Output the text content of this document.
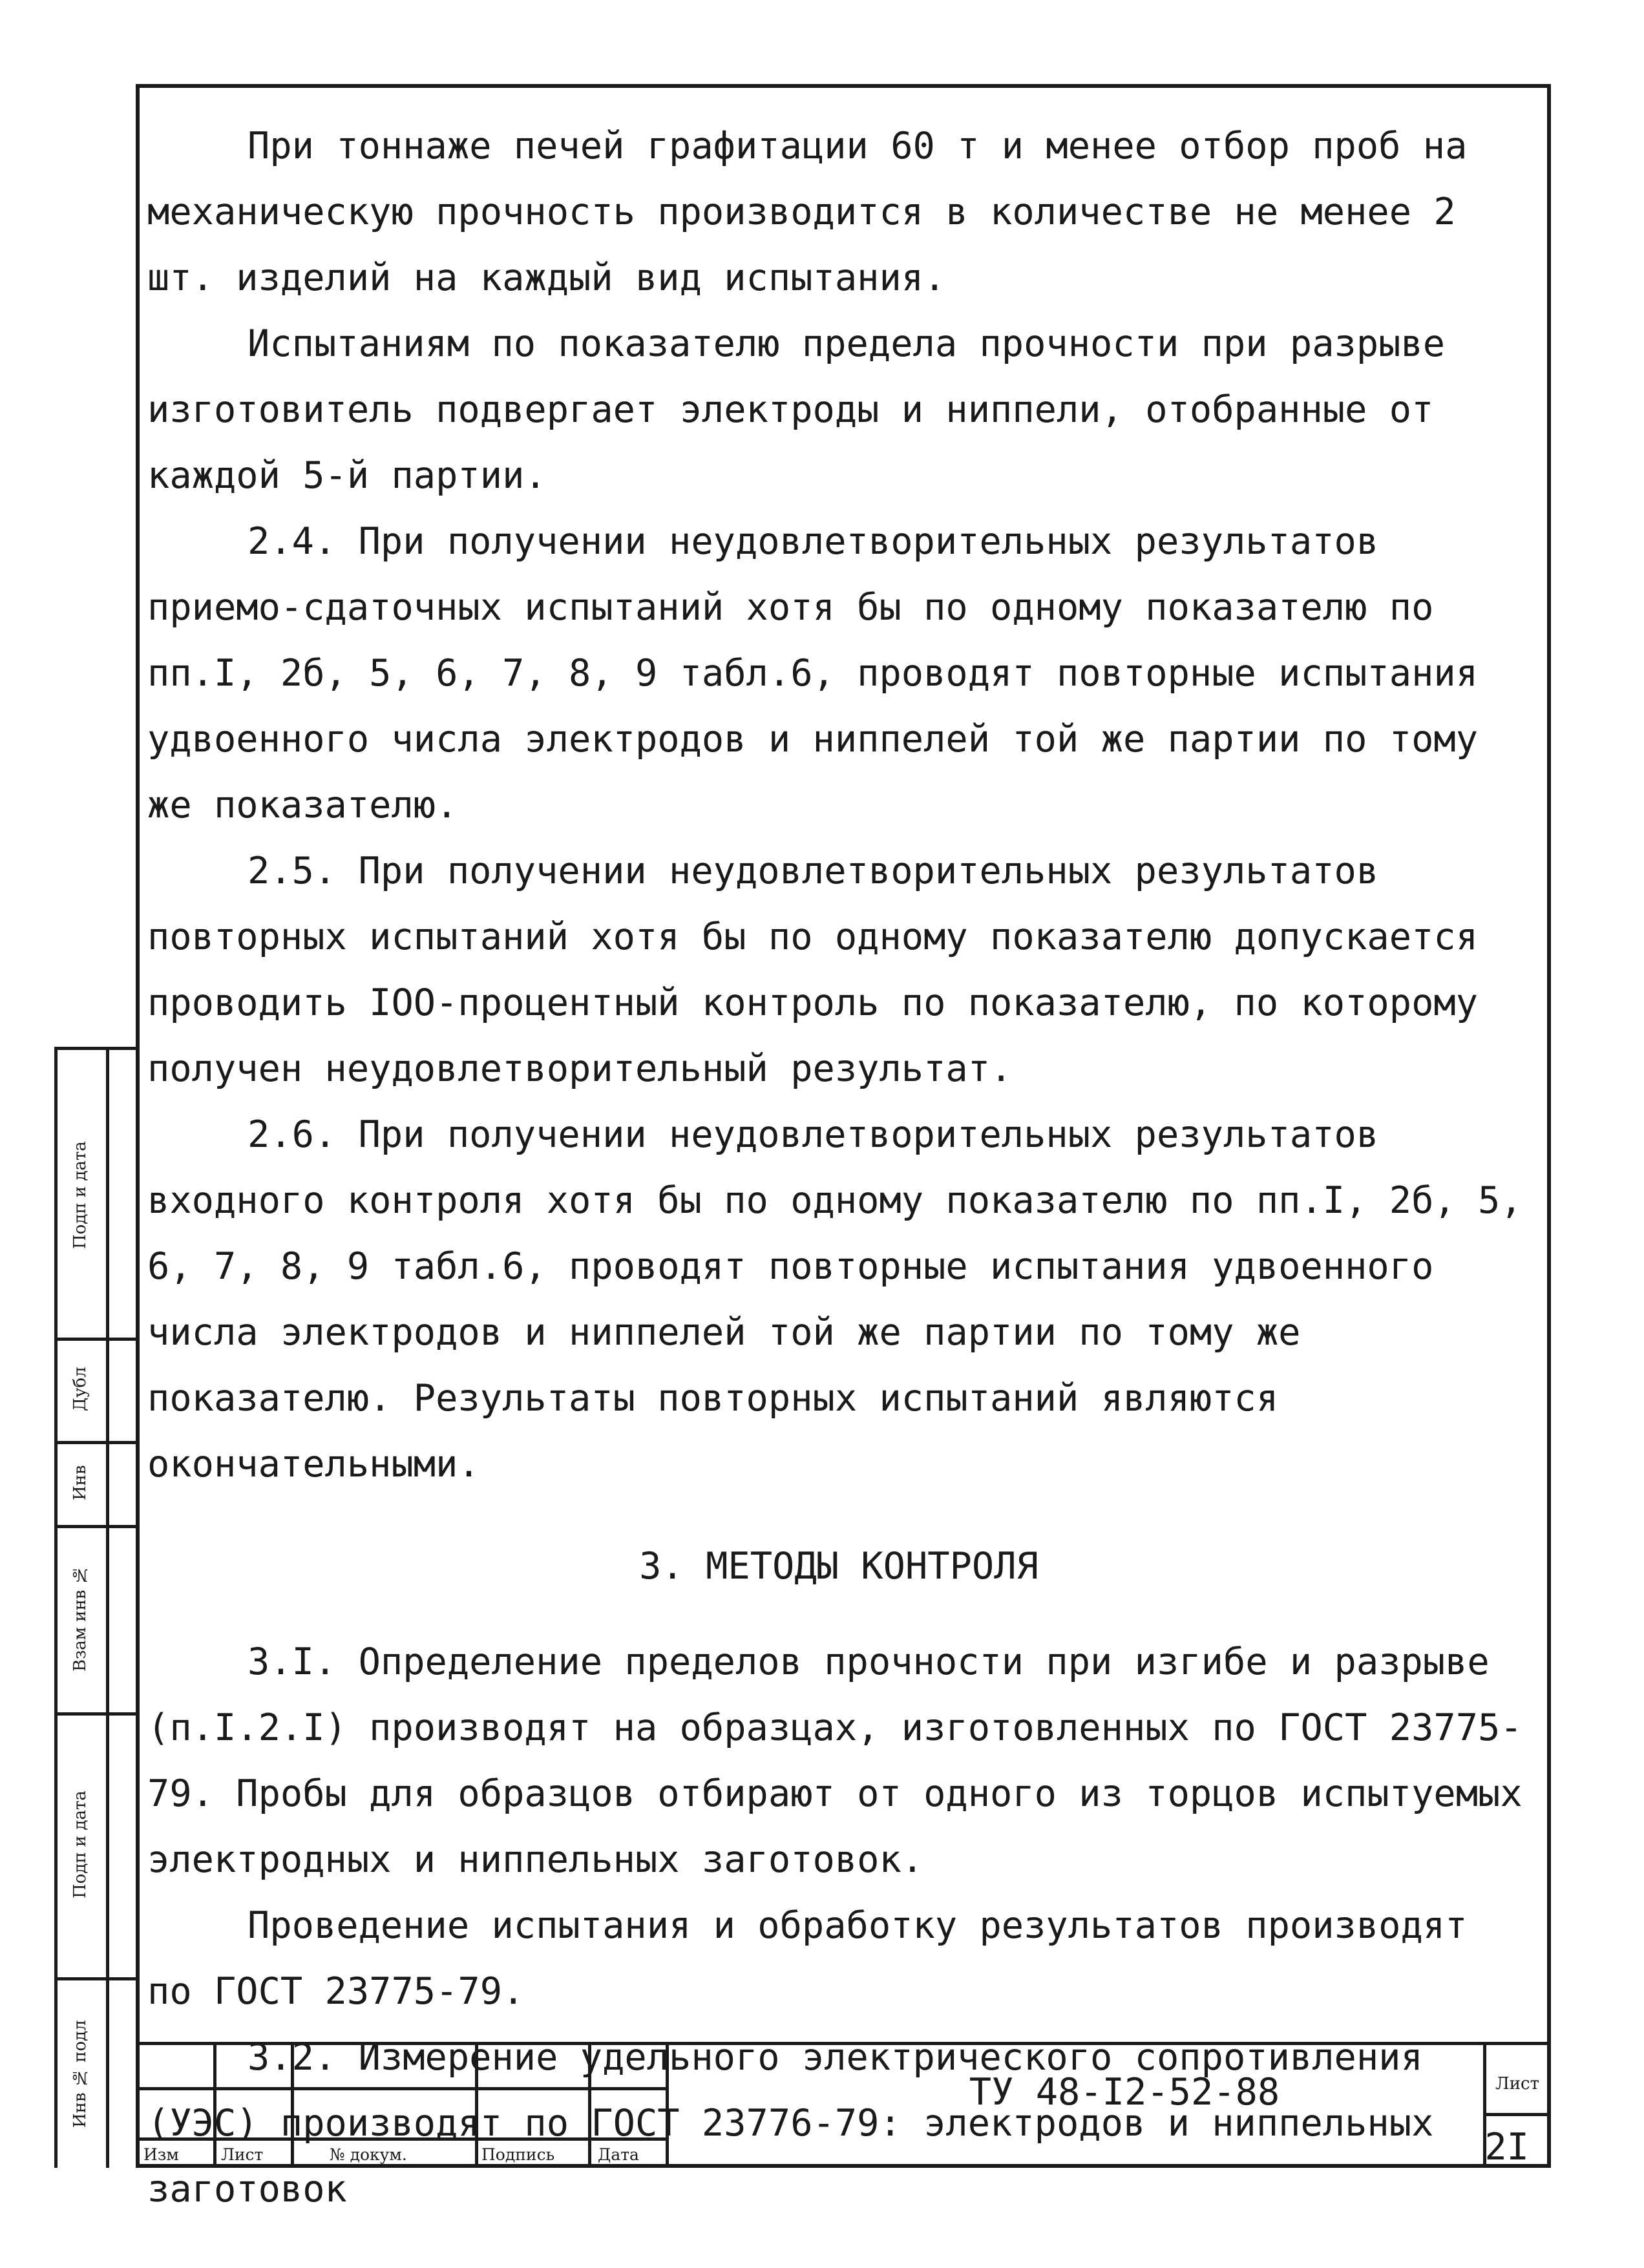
При тоннаже печей графитации 60 т и менее отбор проб на механическую прочность производится в количестве не менее 2 шт. изделий на каждый вид испытания.

Испытаниям по показателю предела прочности при разрыве изготовитель подвергает электроды и ниппели, отобранные от каждой 5-й партии.

2.4. При получении неудовлетворительных результатов приемо-сдаточных испытаний хотя бы по одному показателю по пп.I, 2б, 5, 6, 7, 8, 9 табл.6, проводят повторные испытания удвоенного числа электродов и ниппелей той же партии по тому же показателю.

2.5. При получении неудовлетворительных результатов повторных испытаний хотя бы по одному показателю допускается проводить IOO-процентный контроль по показателю, по которому получен неудовлетворительный результат.

2.6. При получении неудовлетворительных результатов входного контроля хотя бы по одному показателю по пп.I, 2б, 5, 6, 7, 8, 9 табл.6, проводят повторные испытания удвоенного числа электродов и ниппелей той же партии по тому же показателю. Результаты повторных испытаний являются окончательными.

3. МЕТОДЫ КОНТРОЛЯ

3.I. Определение пределов прочности при изгибе и разрыве (п.I.2.I) производят на образцах, изготовленных по ГОСТ 23775-79. Пробы для образцов отбирают от одного из торцов испытуемых электродных и ниппельных заготовок.

Проведение испытания и обработку результатов производят по ГОСТ 23775-79.

3.2. Измерение удельного электрического сопротивления (УЭС) производят по ГОСТ 23776-79: электродов и ниппельных заготовок

Подп и дата
Дубл
Инв
Взам инв №
Подп и дата
Инв № подл
Изм	Лист	№ докум.	Подпись	Дата
ТУ 48-I2-52-88	Лист
2I
